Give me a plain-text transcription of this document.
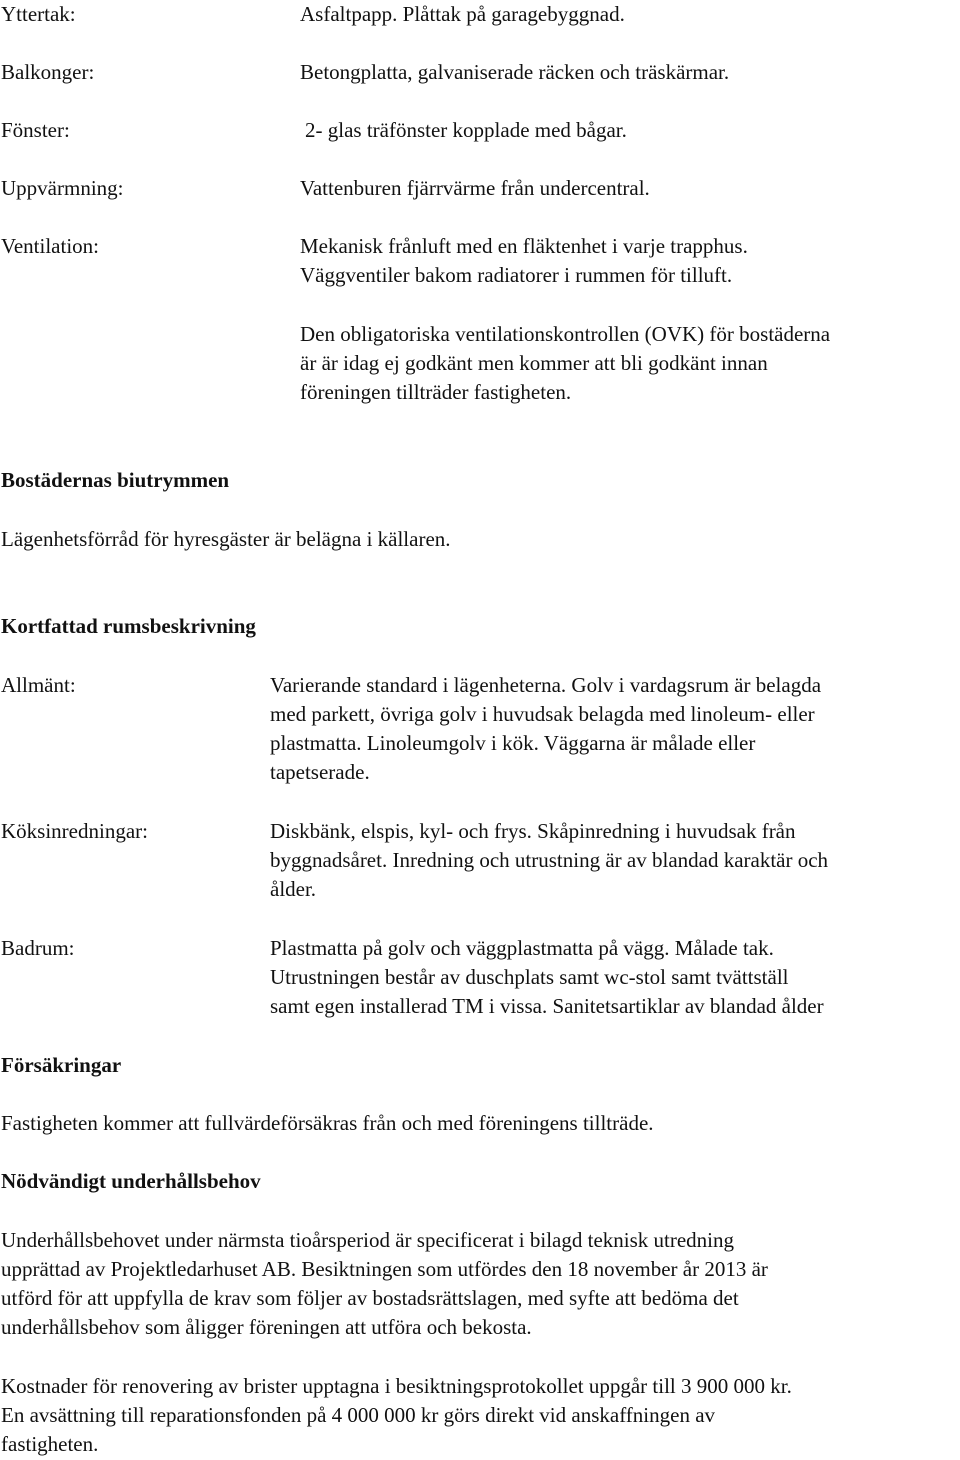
Yttertak:	Asfaltpapp. Plåttak på garagebyggnad.
Balkonger:	Betongplatta, galvaniserade räcken och träskärmar.
Fönster:	2- glas träfönster kopplade med bågar.
Uppvärmning:	Vattenburen fjärrvärme från undercentral.
Ventilation:	Mekanisk frånluft med en fläktenhet i varje trapphus.
Väggventiler bakom radiatorer i rummen för tilluft.
Den obligatoriska ventilationskontrollen (OVK) för bostäderna
är är idag ej godkänt men kommer att bli godkänt innan
föreningen tillträder fastigheten.
Bostädernas biutrymmen
Lägenhetsförråd för hyresgäster är belägna i källaren.
Kortfattad rumsbeskrivning
Allmänt:	Varierande standard i lägenheterna. Golv i vardagsrum är belagda
med parkett, övriga golv i huvudsak belagda med linoleum- eller
plastmatta. Linoleumgolv i kök. Väggarna är målade eller
tapetserade.
Köksinredningar:	Diskbänk, elspis, kyl- och frys. Skåpinredning i huvudsak från
byggnadsåret. Inredning och utrustning är av blandad karaktär och
ålder.
Badrum:	Plastmatta på golv och väggplastmatta på vägg. Målade tak.
Utrustningen består av duschplats samt wc-stol samt tvättställ
samt egen installerad TM i vissa. Sanitetsartiklar av blandad ålder
Försäkringar
Fastigheten kommer att fullvärdeförsäkras från och med föreningens tillträde.
Nödvändigt underhållsbehov
Underhållsbehovet under närmsta tioårsperiod är specificerat i bilagd teknisk utredning
upprättad av Projektledarhuset AB. Besiktningen som utfördes den 18 november år 2013 är
utförd för att uppfylla de krav som följer av bostadsrättslagen, med syfte att bedöma det
underhållsbehov som åligger föreningen att utföra och bekosta.
Kostnader för renovering av brister upptagna i besiktningsprotokollet uppgår till 3 900 000 kr.
En avsättning till reparationsfonden på 4 000 000 kr görs direkt vid anskaffningen av
fastigheten.
